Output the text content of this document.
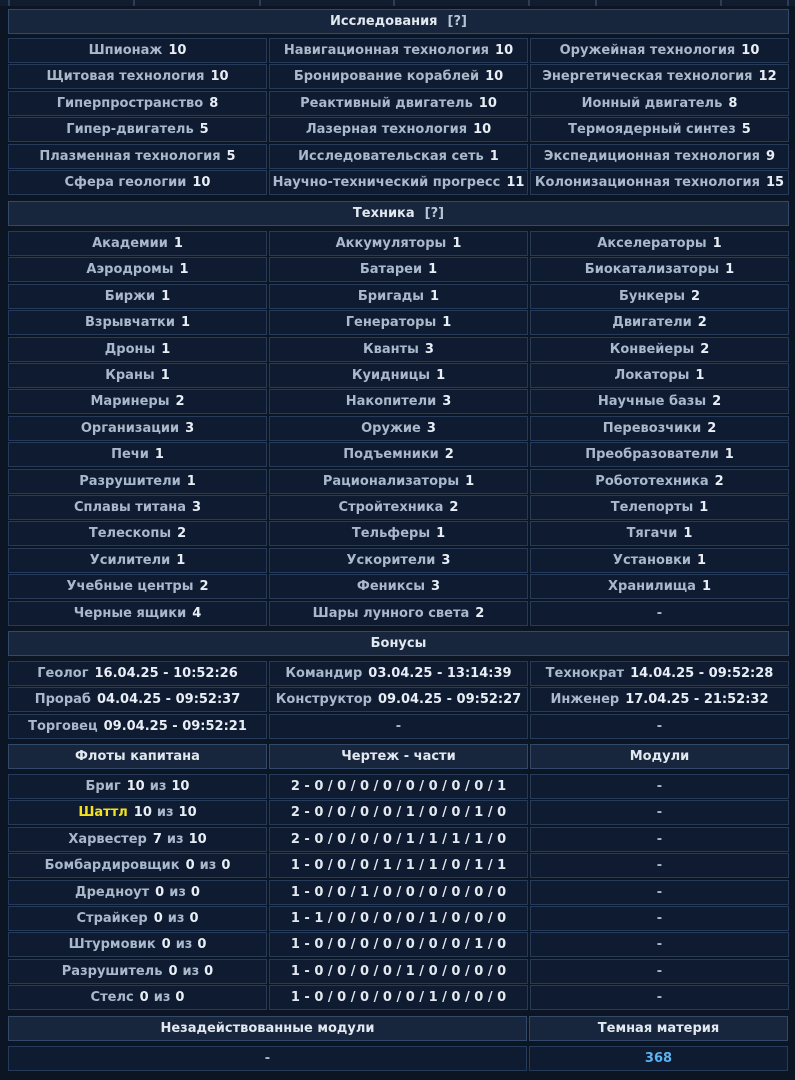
Исследования [?]
Техника [?]
Бонусы
Флоты капитана	Чертеж - части	Модули
Незадействованные модули	Темная материя
-	368
Шпионаж 10	Навигационная технология 10	Оружейная технология 10
Щитовая технология 10	Бронирование кораблей 10	Энергетическая технология 12
Гиперпространство 8	Реактивный двигатель 10	Ионный двигатель 8
Гипер-двигатель 5	Лазерная технология 10	Термоядерный синтез 5
Плазменная технология 5	Исследовательская сеть 1	Экспедиционная технология 9
Сфера геологии 10	Научно-технический прогресс 11 Колонизационная технология 15
Академии 1	Аккумуляторы 1	Акселераторы 1
Аэродромы 1	Батареи 1	Биокатализаторы 1
Биржи 1	Бригады 1	Бункеры 2
Взрывчатки 1	Генераторы 1	Двигатели 2
Дроны 1	Кванты 3	Конвейеры 2
Краны 1	Куидницы 1	Локаторы 1
Маринеры 2	Накопители 3	Научные базы 2
Организации 3	Оружие 3	Перевозчики 2
Печи 1	Подъемники 2	Преобразователи 1
Разрушители 1	Рационализаторы 1	Робототехника 2
Сплавы титана 3	Стройтехника 2	Телепорты 1
Телескопы 2	Тельферы 1	Тягачи 1
Усилители 1	Ускорители 3	Установки 1
Учебные центры 2	Фениксы 3	Хранилища 1
Черные ящики 4	Шары лунного света 2	-
Геолог 16.04.25 - 10:52:26	Командир 03.04.25 - 13:14:39	Технократ 14.04.25 - 09:52:28
Прораб 04.04.25 - 09:52:37	Конструктор 09.04.25 - 09:52:27 Инженер 17.04.25 - 21:52:32
Торговец 09.04.25 - 09:52:21	-	-
Бриг 10 из 10	2 - 0 / 0 / 0 / 0 / 0 / 0 / 0 / 0 / 1	-
Шаттл 10 из 10	2 - 0 / 0 / 0 / 0 / 1 / 0 / 0 / 1 / 0	-
Харвестер 7 из 10	2 - 0 / 0 / 0 / 0 / 1 / 1 / 1 / 1 / 0	-
Бомбардировщик 0 из 0	1 - 0 / 0 / 0 / 1 / 1 / 1 / 0 / 1 / 1	-
Дредноут 0 из 0	1 - 0 / 0 / 1 / 0 / 0 / 0 / 0 / 0 / 0	-
Страйкер 0 из 0	1 - 1 / 0 / 0 / 0 / 0 / 1 / 0 / 0 / 0	-
Штурмовик 0 из 0	1 - 0 / 0 / 0 / 0 / 0 / 0 / 0 / 1 / 0	-
Разрушитель 0 из 0	1 - 0 / 0 / 0 / 0 / 1 / 0 / 0 / 0 / 0	-
Стелс 0 из 0	1 - 0 / 0 / 0 / 0 / 0 / 1 / 0 / 0 / 0	-
